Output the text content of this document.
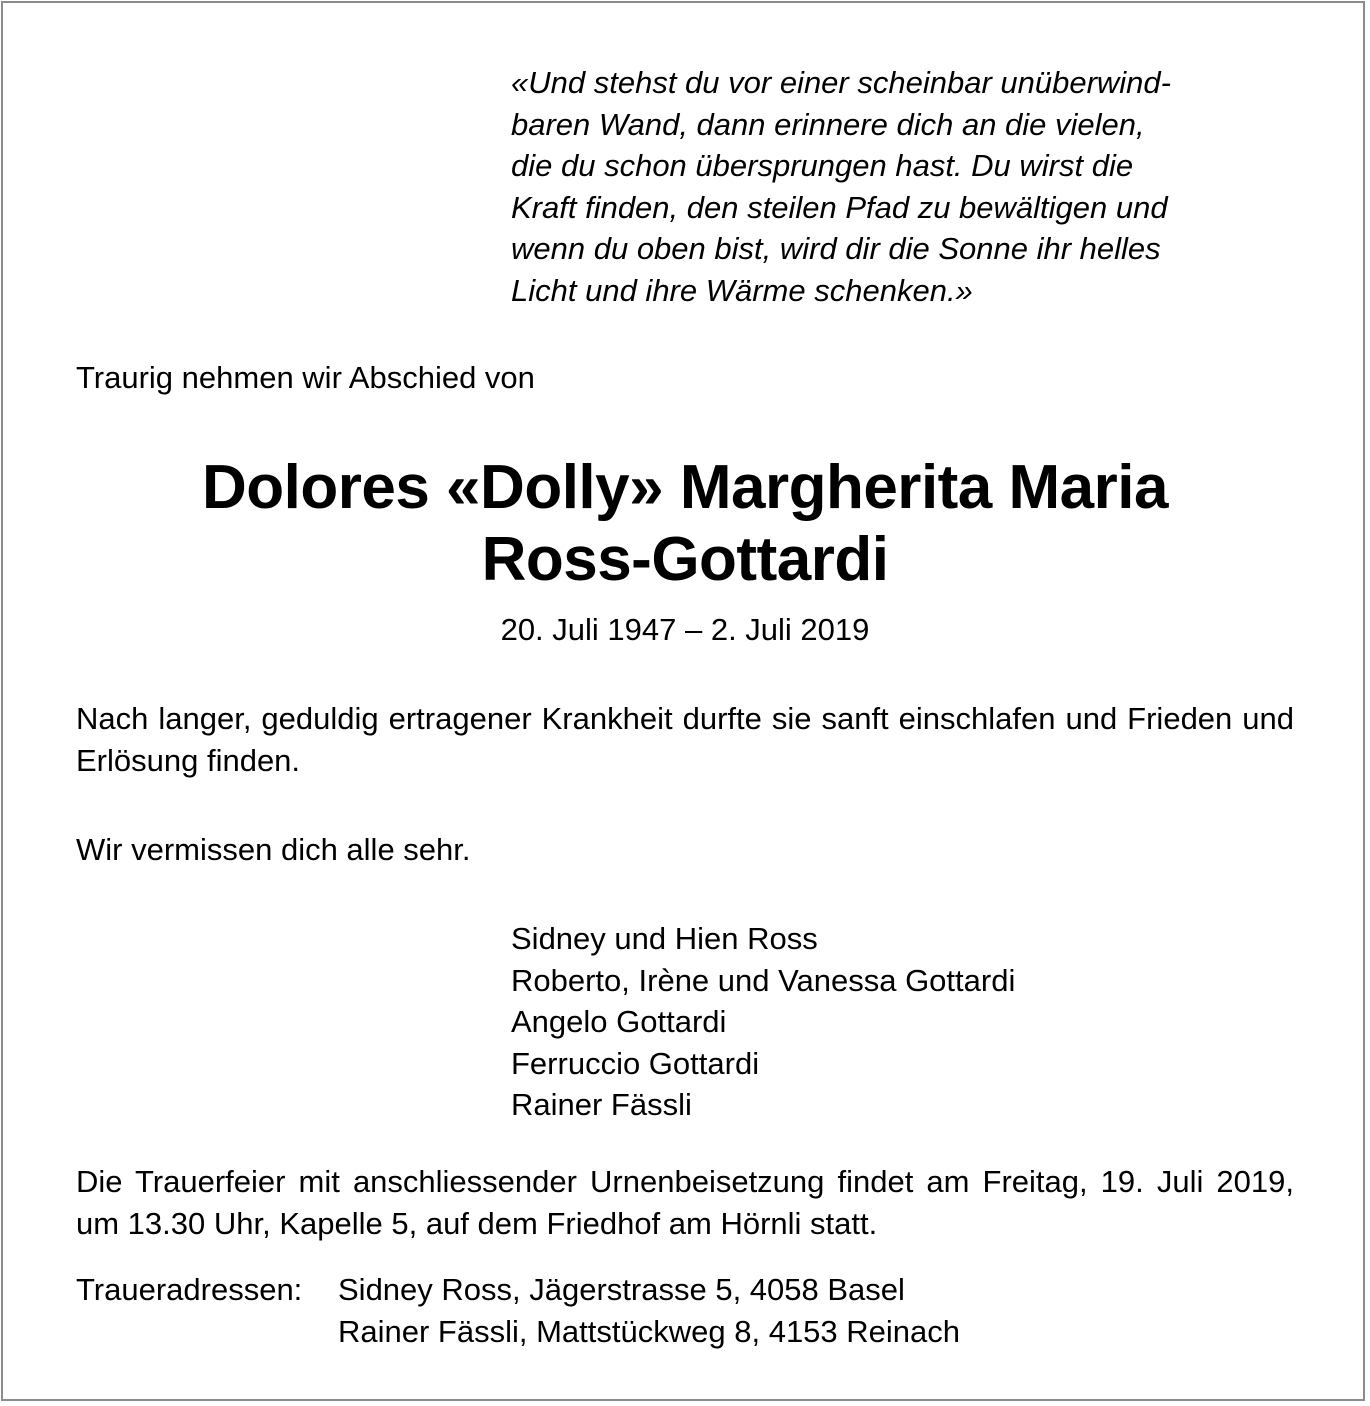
«Und stehst du vor einer scheinbar unüberwind-
baren Wand, dann erinnere dich an die vielen,
die du schon übersprungen hast. Du wirst die
Kraft finden, den steilen Pfad zu bewältigen und
wenn du oben bist, wird dir die Sonne ihr helles
Licht und ihre Wärme schenken.»
Traurig nehmen wir Abschied von
Dolores «Dolly» Margherita Maria
Ross-Gottardi
20. Juli 1947 – 2. Juli 2019
Nach langer, geduldig ertragener Krankheit durfte sie sanft einschlafen und Frieden und Erlösung finden.
Wir vermissen dich alle sehr.
Sidney und Hien Ross
Roberto, Irène und Vanessa Gottardi
Angelo Gottardi
Ferruccio Gottardi
Rainer Fässli
Die Trauerfeier mit anschliessender Urnenbeisetzung findet am Freitag, 19. Juli 2019, um 13.30 Uhr, Kapelle 5, auf dem Friedhof am Hörnli statt.
Traueradressen:	Sidney Ross, Jägerstrasse 5, 4058 Basel
Rainer Fässli, Mattstückweg 8, 4153 Reinach
